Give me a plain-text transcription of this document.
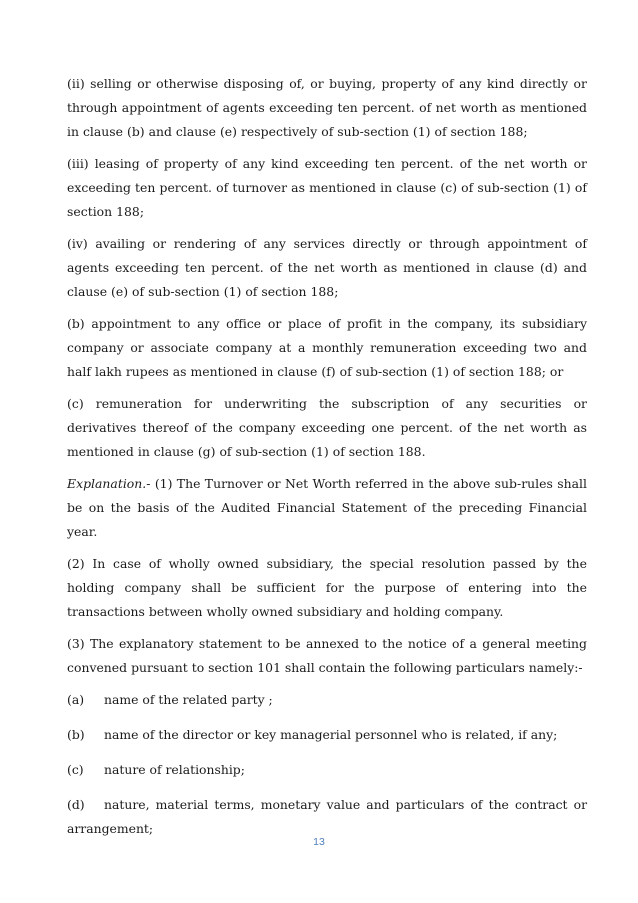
(ii) selling or otherwise disposing of, or buying, property of any kind directly or through appointment of agents exceeding ten percent. of net worth as mentioned in clause (b) and clause (e) respectively of sub-section (1) of section 188;

(iii) leasing of property of any kind exceeding ten percent. of the net worth or exceeding ten percent. of turnover as mentioned in clause (c) of sub-section (1) of section 188;

(iv) availing or rendering of any services directly or through appointment of agents exceeding ten percent. of the net worth as mentioned in clause (d) and clause (e) of sub-section (1) of section 188;

(b) appointment to any office or place of profit in the company, its subsidiary company or associate company at a monthly remuneration exceeding two and half lakh rupees as mentioned in clause (f) of sub-section (1) of section 188; or

(c) remuneration for underwriting the subscription of any securities or derivatives thereof of the company exceeding one percent. of the net worth as mentioned in clause (g) of sub-section (1) of section 188.

Explanation.- (1) The Turnover or Net Worth referred in the above sub-rules shall be on the basis of the Audited Financial Statement of the preceding Financial year.

(2) In case of wholly owned subsidiary, the special resolution passed by the holding company shall be sufficient for the purpose of entering into the transactions between wholly owned subsidiary and holding company.

(3) The explanatory statement to be annexed to the notice of a general meeting convened pursuant to section 101 shall contain the following particulars namely:-

(a)	name of the related party ;
(b)	name of the director or key managerial personnel who is related, if any;
(c)	nature of relationship;

(d) nature, material terms, monetary value and particulars of the contract or arrangement;

13
